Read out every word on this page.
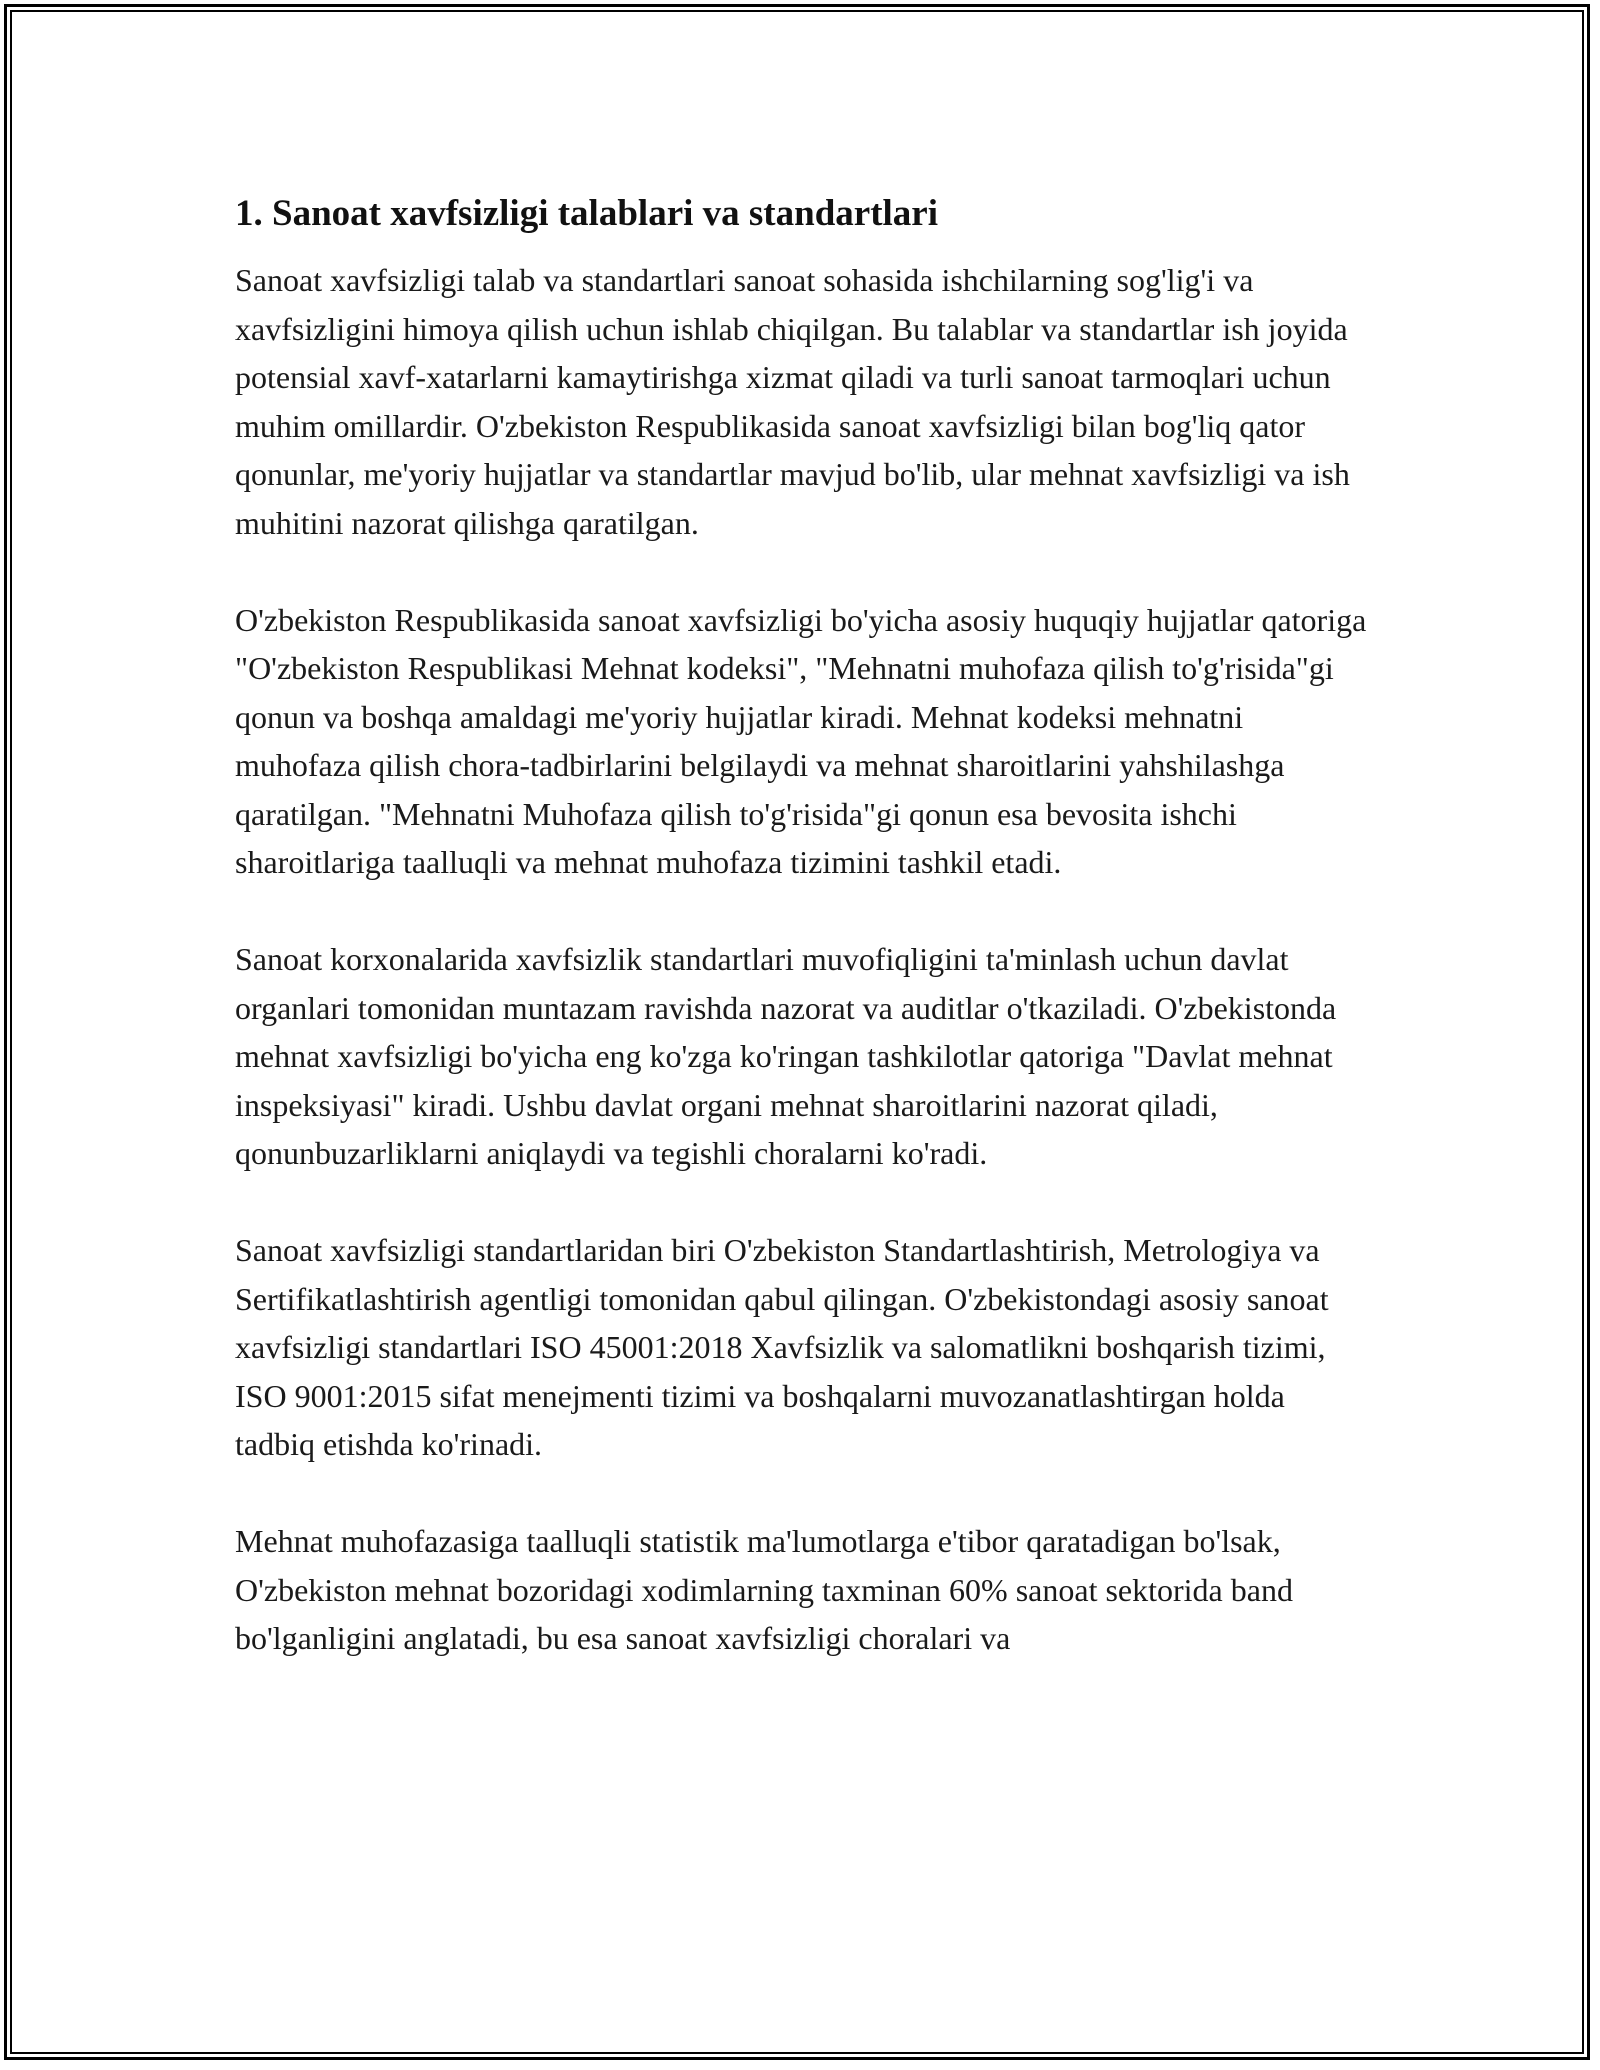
1. Sanoat xavfsizligi talablari va standartlari

Sanoat xavfsizligi talab va standartlari sanoat sohasida ishchilarning sog'lig'i va xavfsizligini himoya qilish uchun ishlab chiqilgan. Bu talablar va standartlar ish joyida potensial xavf-xatarlarni kamaytirishga xizmat qiladi va turli sanoat tarmoqlari uchun muhim omillardir. O'zbekiston Respublikasida sanoat xavfsizligi bilan bog'liq qator qonunlar, me'yoriy hujjatlar va standartlar mavjud bo'lib, ular mehnat xavfsizligi va ish muhitini nazorat qilishga qaratilgan.

O'zbekiston Respublikasida sanoat xavfsizligi bo'yicha asosiy huquqiy hujjatlar qatoriga "O'zbekiston Respublikasi Mehnat kodeksi", "Mehnatni muhofaza qilish to'g'risida"gi qonun va boshqa amaldagi me'yoriy hujjatlar kiradi. Mehnat kodeksi mehnatni muhofaza qilish chora-tadbirlarini belgilaydi va mehnat sharoitlarini yahshilashga qaratilgan. "Mehnatni Muhofaza qilish to'g'risida"gi qonun esa bevosita ishchi sharoitlariga taalluqli va mehnat muhofaza tizimini tashkil etadi.

Sanoat korxonalarida xavfsizlik standartlari muvofiqligini ta'minlash uchun davlat organlari tomonidan muntazam ravishda nazorat va auditlar o'tkaziladi. O'zbekistonda mehnat xavfsizligi bo'yicha eng ko'zga ko'ringan tashkilotlar qatoriga "Davlat mehnat inspeksiyasi" kiradi. Ushbu davlat organi mehnat sharoitlarini nazorat qiladi, qonunbuzarliklarni aniqlaydi va tegishli choralarni ko'radi.

Sanoat xavfsizligi standartlaridan biri O'zbekiston Standartlashtirish, Metrologiya va Sertifikatlashtirish agentligi tomonidan qabul qilingan. O'zbekistondagi asosiy sanoat xavfsizligi standartlari ISO 45001:2018 Xavfsizlik va salomatlikni boshqarish tizimi, ISO 9001:2015 sifat menejmenti tizimi va boshqalarni muvozanatlashtirgan holda tadbiq etishda ko'rinadi.

Mehnat muhofazasiga taalluqli statistik ma'lumotlarga e'tibor qaratadigan bo'lsak, O'zbekiston mehnat bozoridagi xodimlarning taxminan 60% sanoat sektorida band bo'lganligini anglatadi, bu esa sanoat xavfsizligi choralari va
